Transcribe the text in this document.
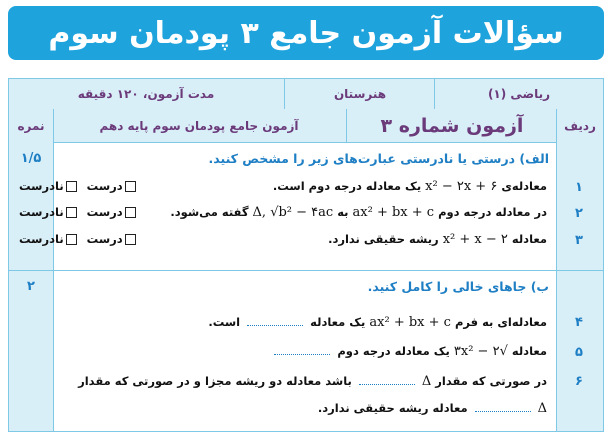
سؤالات آزمون جامع ۳ پودمان سوم
ریاضی (۱)
هنرستان
مدت آزمون، ۱۲۰ دقیقه
ردیف
آزمون شماره ۳
آزمون جامع پودمان سوم پایه دهم
نمره
الف) درستی یا نادرستی عبارت‌های زیر را مشخص کنید.
۱/۵
۱
معادله‌ی x² − ۲x + ۶ یک معادله درجه دوم است.
درست  نادرست
۲
در معادله درجه دوم ax² + bx + c به Δ, √b² − ۴ac گفته می‌شود.
درست  نادرست
۳
معادله x² + x − ۲ ریشه حقیقی ندارد.
درست  نادرست
ب) جاهای خالی را کامل کنید.
۲
۴
معادله‌ای به فرم ax² + bx + c یک معادله  است.
۵
معادله √۳x² − ۲ یک معادله درجه دوم
۶
در صورتی که مقدار Δ  باشد معادله دو ریشه مجزا و در صورتی که مقدار
Δ  معادله ریشه حقیقی ندارد.
